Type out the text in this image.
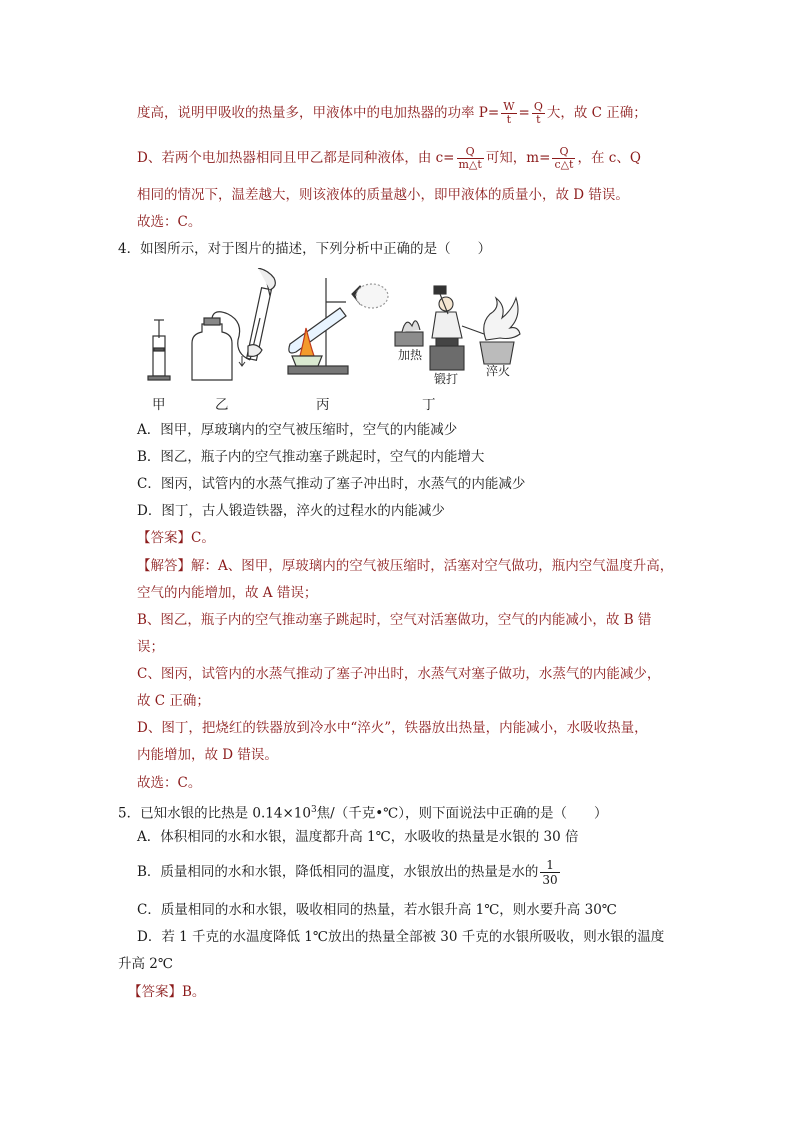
度高，说明甲吸收的热量多，甲液体中的电加热器的功率 $P= \frac{W}{t} = \frac{Q}{t}$ 大，故 C 正确；
D、若两个电加热器相同且甲乙都是同种液体，由 $c= \frac{Q}{m\triangle t}$ 可知，$m= \frac{Q}{c\triangle t}$ ，在 c、Q
相同的情况下，温差越大，则该液体的质量越小，即甲液体的质量小，故 D 错误。
故选：C。
4．如图所示，对于图片的描述，下列分析中正确的是（　　）
加热
锻打
淬火
甲	乙	丙	丁
A．图甲，厚玻璃内的空气被压缩时，空气的内能减少
B．图乙，瓶子内的空气推动塞子跳起时，空气的内能增大
C．图丙，试管内的水蒸气推动了塞子冲出时，水蒸气的内能减少
D．图丁，古人锻造铁器，淬火的过程水的内能减少
【答案】C。
【解答】解：A、图甲，厚玻璃内的空气被压缩时，活塞对空气做功，瓶内空气温度升高，
空气的内能增加，故 A 错误；
B、图乙，瓶子内的空气推动塞子跳起时，空气对活塞做功，空气的内能减小，故 B 错
误；
C、图丙，试管内的水蒸气推动了塞子冲出时，水蒸气对塞子做功，水蒸气的内能减少，
故 C 正确；
D、图丁，把烧红的铁器放到冷水中“淬火”，铁器放出热量，内能减小，水吸收热量，
内能增加，故 D 错误。
故选：C。
5．已知水银的比热是 $0.14\times 10^3$焦/（千克•℃），则下面说法中正确的是（　　）
A．体积相同的水和水银，温度都升高 1℃，水吸收的热量是水银的 30 倍
B．质量相同的水和水银，降低相同的温度，水银放出的热量是水的 $\frac{1}{30}$
C．质量相同的水和水银，吸收相同的热量，若水银升高 1℃，则水要升高 30℃
D．若 1 千克的水温度降低 1℃放出的热量全部被 30 千克的水银所吸收，则水银的温度
升高 2℃
【答案】B。
